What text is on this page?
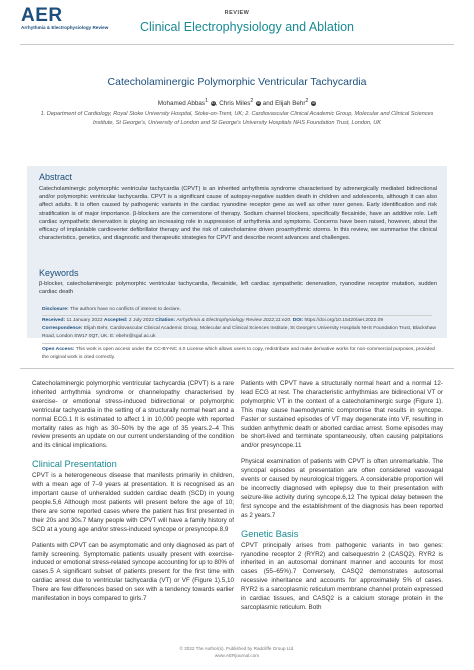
AER
Arrhythmia & Electrophysiology Review
REVIEW
Clinical Electrophysiology and Ablation
Catecholaminergic Polymorphic Ventricular Tachycardia
Mohamed Abbas$^1$ iD, Chris Miles$^2$ iD and Elijah Behr$^2$ iD
1. Department of Cardiology, Royal Stoke University Hospital, Stoke-on-Trent, UK; 2. Cardiovascular Clinical Academic Group, Molecular and Clinical Sciences Institute, St George's, University of London and St George's University Hospitals NHS Foundation Trust, London, UK
Abstract
Catecholaminergic polymorphic ventricular tachycardia (CPVT) is an inherited arrhythmia syndrome characterised by adrenergically mediated bidirectional and/or polymorphic ventricular tachycardia. CPVT is a significant cause of autopsy-negative sudden death in children and adolescents, although it can also affect adults. It is often caused by pathogenic variants in the cardiac ryanodine receptor gene as well as other rarer genes. Early identification and risk stratification is of major importance. β-blockers are the cornerstone of therapy. Sodium channel blockers, specifically flecainide, have an additive role. Left cardiac sympathetic denervation is playing an increasing role in suppression of arrhythmia and symptoms. Concerns have been raised, however, about the efficacy of implantable cardioverter defibrillator therapy and the risk of catecholamine driven proarrhythmic storms. In this review, we summarise the clinical characteristics, genetics, and diagnostic and therapeutic strategies for CPVT and describe recent advances and challenges.
Keywords
β-blocker, catecholaminergic polymorphic ventricular tachycardia, flecainide, left cardiac sympathetic denervation, ryanodine receptor mutation, sudden cardiac death
Disclosure: The authors have no conflicts of interest to declare.
Received: 11 January 2022 Accepted: 2 July 2022 Citation: Arrhythmia & Electrophysiology Review 2022;11:e20. DOI: https://doi.org/10.15420/aer.2022.09
Correspondence: Elijah Behr, Cardiovascular Clinical Academic Group, Molecular and Clinical Sciences Institute, St George's University Hospitals NHS Foundation Trust, Blackshaw Road, London SW17 0QT, UK. E: ebehr@sgul.ac.uk
Open Access: This work is open access under the CC-BY-NC 4.0 License which allows users to copy, redistribute and make derivative works for non-commercial purposes, provided the original work is cited correctly.

Catecholaminergic polymorphic ventricular tachycardia (CPVT) is a rare inherited arrhythmia syndrome or channelopathy characterised by exercise- or emotional stress-induced bidirectional or polymorphic ventricular tachycardia in the setting of a structurally normal heart and a normal ECG.1 It is estimated to affect 1 in 10,000 people with reported mortality rates as high as 30–50% by the age of 35 years.2–4 This review presents an update on our current understanding of the condition and its clinical implications.

Clinical Presentation

CPVT is a heterogeneous disease that manifests primarily in children, with a mean age of 7–9 years at presentation. It is recognised as an important cause of unheralded sudden cardiac death (SCD) in young people.5,6 Although most patients will present before the age of 10; there are some reported cases where the patient has first presented in their 20s and 30s.7 Many people with CPVT will have a family history of SCD at a young age and/or stress-induced syncope or presyncope.8,9

Patients with CPVT can be asymptomatic and only diagnosed as part of family screening. Symptomatic patients usually present with exercise-induced or emotional stress-related syncope accounting for up to 80% of cases.5 A significant subset of patients present for the first time with cardiac arrest due to ventricular tachycardia (VT) or VF (Figure 1).5,10 There are few differences based on sex with a tendency towards earlier manifestation in boys compared to girls.7

Patients with CPVT have a structurally normal heart and a normal 12-lead ECG at rest. The characteristic arrhythmias are bidirectional VT or polymorphic VT in the context of a catecholaminergic surge (Figure 1). This may cause haemodynamic compromise that results in syncope. Faster or sustained episodes of VT may degenerate into VF, resulting in sudden arrhythmic death or aborted cardiac arrest. Some episodes may be short-lived and terminate spontaneously, often causing palpitations and/or presyncope.11

Physical examination of patients with CPVT is often unremarkable. The syncopal episodes at presentation are often considered vasovagal events or caused by neurological triggers. A considerable proportion will be incorrectly diagnosed with epilepsy due to their presentation with seizure-like activity during syncope.6,12 The typical delay between the first syncope and the establishment of the diagnosis has been reported as 2 years.7

Genetic Basis

CPVT principally arises from pathogenic variants in two genes: ryanodine receptor 2 (RYR2) and calsequestrin 2 (CASQ2). RYR2 is inherited in an autosomal dominant manner and accounts for most cases (55–65%).7 Conversely, CASQ2 demonstrates autosomal recessive inheritance and accounts for approximately 5% of cases. RYR2 is a sarcoplasmic reticulum membrane channel protein expressed in cardiac tissues, and CASQ2 is a calcium storage protein in the sarcoplasmic reticulum. Both

© 2022 The Author(s). Published by Radcliffe Group Ltd.
www.AERjournal.com
